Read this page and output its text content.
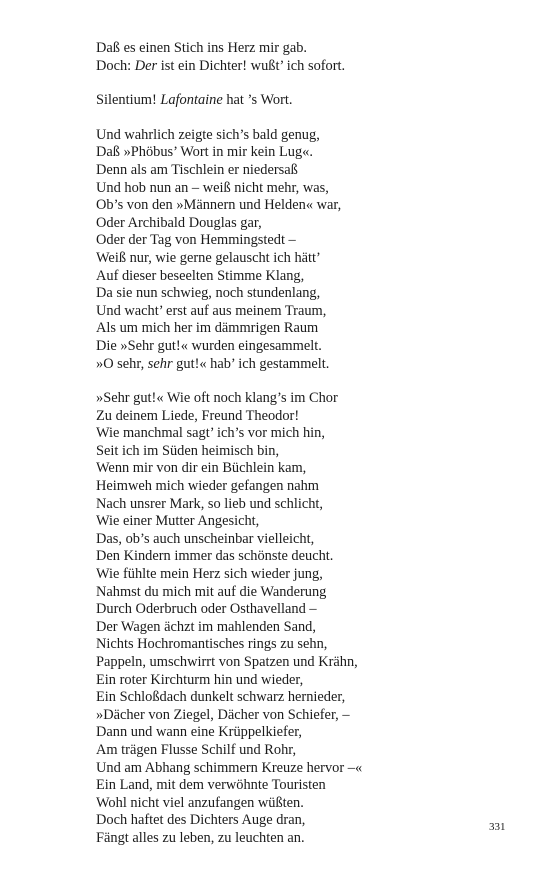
Daß es einen Stich ins Herz mir gab.
Doch: Der ist ein Dichter! wußt’ ich sofort.
Silentium! Lafontaine hat ’s Wort.
Und wahrlich zeigte sich’s bald genug,
Daß »Phöbus’ Wort in mir kein Lug«.
Denn als am Tischlein er niedersaß
Und hob nun an – weiß nicht mehr, was,
Ob’s von den »Männern und Helden« war,
Oder Archibald Douglas gar,
Oder der Tag von Hemmingstedt –
Weiß nur, wie gerne gelauscht ich hätt’
Auf dieser beseelten Stimme Klang,
Da sie nun schwieg, noch stundenlang,
Und wacht’ erst auf aus meinem Traum,
Als um mich her im dämmrigen Raum
Die »Sehr gut!« wurden eingesammelt.
»O sehr, sehr gut!« hab’ ich gestammelt.
»Sehr gut!« Wie oft noch klang’s im Chor
Zu deinem Liede, Freund Theodor!
Wie manchmal sagt’ ich’s vor mich hin,
Seit ich im Süden heimisch bin,
Wenn mir von dir ein Büchlein kam,
Heimweh mich wieder gefangen nahm
Nach unsrer Mark, so lieb und schlicht,
Wie einer Mutter Angesicht,
Das, ob’s auch unscheinbar vielleicht,
Den Kindern immer das schönste deucht.
Wie fühlte mein Herz sich wieder jung,
Nahmst du mich mit auf die Wanderung
Durch Oderbruch oder Osthavelland –
Der Wagen ächzt im mahlenden Sand,
Nichts Hochromantisches rings zu sehn,
Pappeln, umschwirrt von Spatzen und Krähn,
Ein roter Kirchturm hin und wieder,
Ein Schloßdach dunkelt schwarz hernieder,
»Dächer von Ziegel, Dächer von Schiefer, –
Dann und wann eine Krüppelkiefer,
Am trägen Flusse Schilf und Rohr,
Und am Abhang schimmern Kreuze hervor –«
Ein Land, mit dem verwöhnte Touristen
Wohl nicht viel anzufangen wüßten.
Doch haftet des Dichters Auge dran,
Fängt alles zu leben, zu leuchten an.
331
